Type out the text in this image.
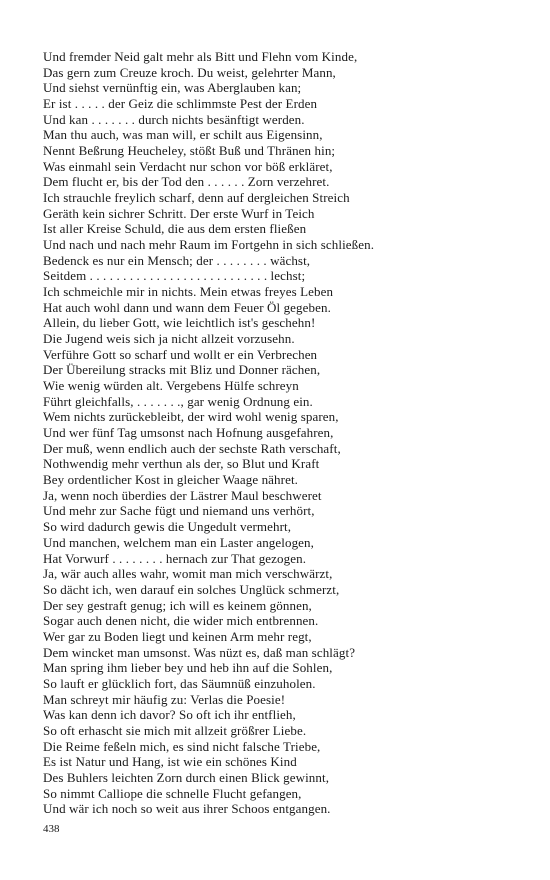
Und fremder Neid galt mehr als Bitt und Flehn vom Kinde,
Das gern zum Creuze kroch. Du weist, gelehrter Mann,
Und siehst vernünftig ein, was Aberglauben kan;
Er ist . . . . . der Geiz die schlimmste Pest der Erden
Und kan . . . . . . . durch nichts besänftigt werden.
Man thu auch, was man will, er schilt aus Eigensinn,
Nennt Beßrung Heucheley, stößt Buß und Thränen hin;
Was einmahl sein Verdacht nur schon vor böß erkläret,
Dem flucht er, bis der Tod den . . . . . . Zorn verzehret.
Ich strauchle freylich scharf, denn auf dergleichen Streich
Geräth kein sichrer Schritt. Der erste Wurf in Teich
Ist aller Kreise Schuld, die aus dem ersten fließen
Und nach und nach mehr Raum im Fortgehn in sich schließen.
Bedenck es nur ein Mensch; der . . . . . . . . wächst,
Seitdem . . . . . . . . . . . . . . . . . . . . . . . . . . . lechst;
Ich schmeichle mir in nichts. Mein etwas freyes Leben
Hat auch wohl dann und wann dem Feuer Öl gegeben.
Allein, du lieber Gott, wie leichtlich ist's geschehn!
Die Jugend weis sich ja nicht allzeit vorzusehn.
Verführe Gott so scharf und wollt er ein Verbrechen
Der Übereilung stracks mit Bliz und Donner rächen,
Wie wenig würden alt. Vergebens Hülfe schreyn
Führt gleichfalls, . . . . . . ., gar wenig Ordnung ein.
Wem nichts zurückebleibt, der wird wohl wenig sparen,
Und wer fünf Tag umsonst nach Hofnung ausgefahren,
Der muß, wenn endlich auch der sechste Rath verschaft,
Nothwendig mehr verthun als der, so Blut und Kraft
Bey ordentlicher Kost in gleicher Waage nähret.
Ja, wenn noch überdies der Lästrer Maul beschweret
Und mehr zur Sache fügt und niemand uns verhört,
So wird dadurch gewis die Ungedult vermehrt,
Und manchen, welchem man ein Laster angelogen,
Hat Vorwurf . . . . . . . . hernach zur That gezogen.
Ja, wär auch alles wahr, womit man mich verschwärzt,
So dächt ich, wen darauf ein solches Unglück schmerzt,
Der sey gestraft genug; ich will es keinem gönnen,
Sogar auch denen nicht, die wider mich entbrennen.
Wer gar zu Boden liegt und keinen Arm mehr regt,
Dem wincket man umsonst. Was nüzt es, daß man schlägt?
Man spring ihm lieber bey und heb ihn auf die Sohlen,
So lauft er glücklich fort, das Säumnüß einzuholen.
Man schreyt mir häufig zu: Verlas die Poesie!
Was kan denn ich davor? So oft ich ihr entflieh,
So oft erhascht sie mich mit allzeit größrer Liebe.
Die Reime feßeln mich, es sind nicht falsche Triebe,
Es ist Natur und Hang, ist wie ein schönes Kind
Des Buhlers leichten Zorn durch einen Blick gewinnt,
So nimmt Calliope die schnelle Flucht gefangen,
Und wär ich noch so weit aus ihrer Schoos entgangen.
438
